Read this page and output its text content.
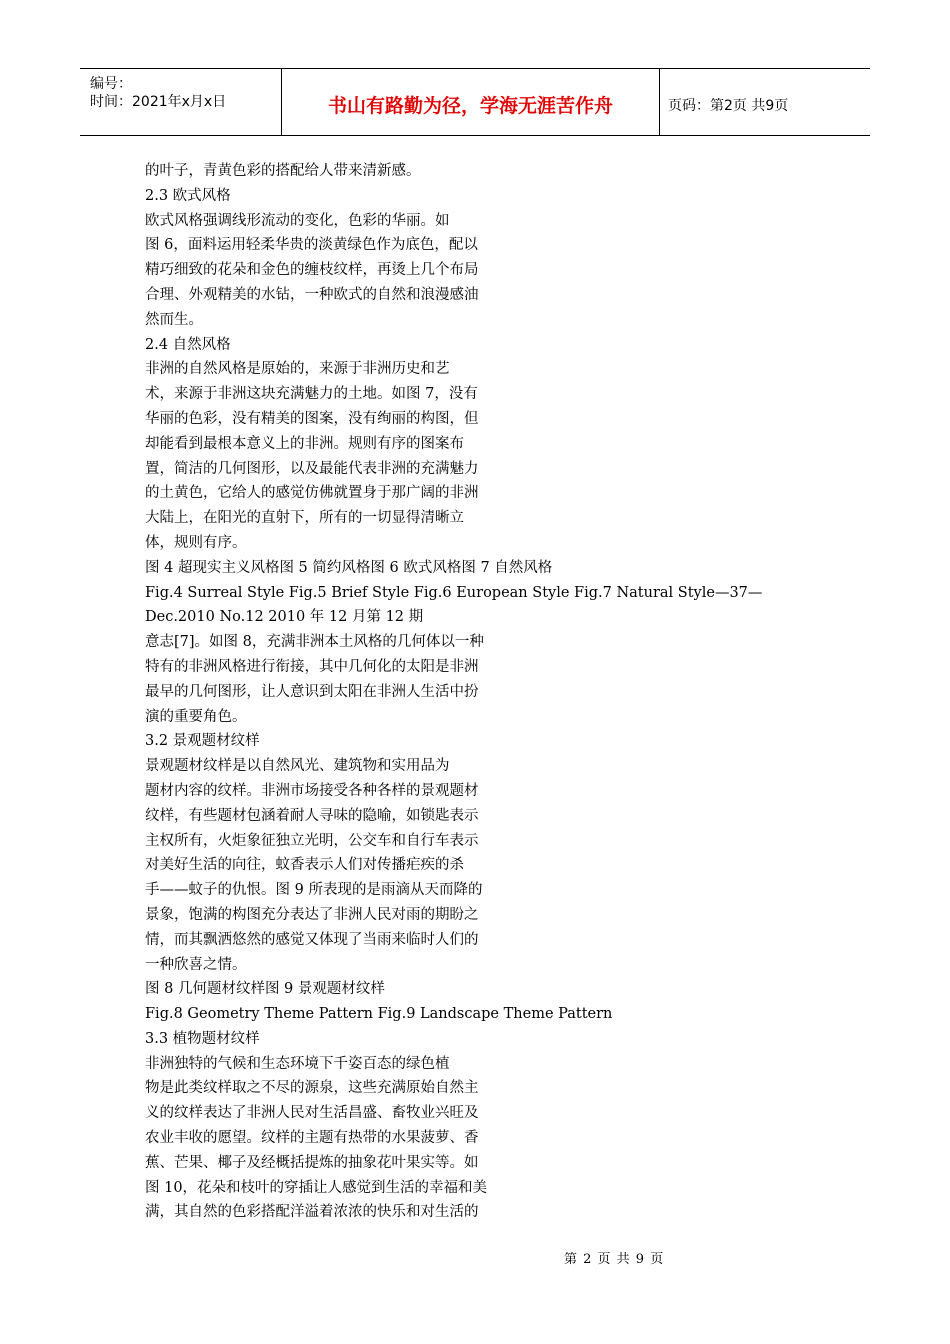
编号：
时间：2021年x月x日	书山有路勤为径，学海无涯苦作舟	页码：第2页 共9页
的叶子，青黄色彩的搭配给人带来清新感。
2.3 欧式风格
欧式风格强调线形流动的变化，色彩的华丽。如
图 6，面料运用轻柔华贵的淡黄绿色作为底色，配以
精巧细致的花朵和金色的缠枝纹样，再烫上几个布局
合理、外观精美的水钻，一种欧式的自然和浪漫感油
然而生。
2.4 自然风格
非洲的自然风格是原始的，来源于非洲历史和艺
术，来源于非洲这块充满魅力的土地。如图 7，没有
华丽的色彩，没有精美的图案，没有绚丽的构图，但
却能看到最根本意义上的非洲。规则有序的图案布
置，简洁的几何图形，以及最能代表非洲的充满魅力
的土黄色，它给人的感觉仿佛就置身于那广阔的非洲
大陆上，在阳光的直射下，所有的一切显得清晰立
体，规则有序。
图 4 超现实主义风格图 5 简约风格图 6 欧式风格图 7 自然风格
Fig.4 Surreal Style Fig.5 Brief Style Fig.6 European Style Fig.7 Natural Style—37—
Dec.2010 No.12 2010 年 12 月第 12 期
意志[7]。如图 8，充满非洲本土风格的几何体以一种
特有的非洲风格进行衔接，其中几何化的太阳是非洲
最早的几何图形，让人意识到太阳在非洲人生活中扮
演的重要角色。
3.2 景观题材纹样
景观题材纹样是以自然风光、建筑物和实用品为
题材内容的纹样。非洲市场接受各种各样的景观题材
纹样，有些题材包涵着耐人寻味的隐喻，如锁匙表示
主权所有，火炬象征独立光明，公交车和自行车表示
对美好生活的向往，蚊香表示人们对传播疟疾的杀
手——蚊子的仇恨。图 9 所表现的是雨滴从天而降的
景象，饱满的构图充分表达了非洲人民对雨的期盼之
情，而其飘洒悠然的感觉又体现了当雨来临时人们的
一种欣喜之情。
图 8 几何题材纹样图 9 景观题材纹样
Fig.8 Geometry Theme Pattern Fig.9 Landscape Theme Pattern
3.3 植物题材纹样
非洲独特的气候和生态环境下千姿百态的绿色植
物是此类纹样取之不尽的源泉，这些充满原始自然主
义的纹样表达了非洲人民对生活昌盛、畜牧业兴旺及
农业丰收的愿望。纹样的主题有热带的水果菠萝、香
蕉、芒果、椰子及经概括提炼的抽象花叶果实等。如
图 10，花朵和枝叶的穿插让人感觉到生活的幸福和美
满，其自然的色彩搭配洋溢着浓浓的快乐和对生活的
第 2 页 共 9 页
